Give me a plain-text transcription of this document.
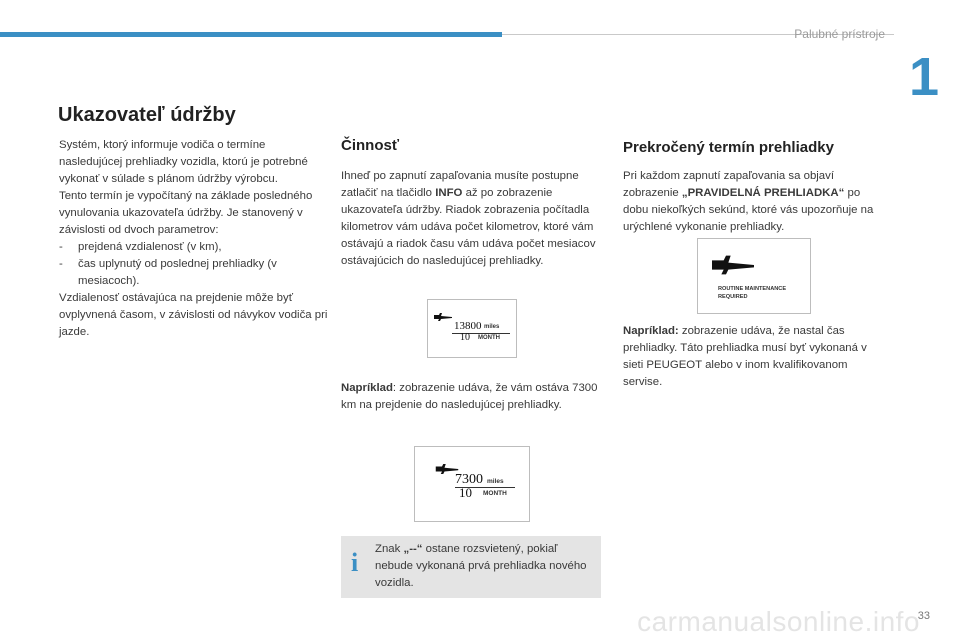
Palubné prístroje
1
Ukazovateľ údržby

Systém, ktorý informuje vodiča o termíne nasledujúcej prehliadky vozidla, ktorú je potrebné vykonať v súlade s plánom údržby výrobcu.

Tento termín je vypočítaný na základe posledného vynulovania ukazovateľa údržby. Je stanovený v závislosti od dvoch parametrov:

- prejdená vzdialenosť (v km),
- čas uplynutý od poslednej prehliadky (v mesiacoch).

Vzdialenosť ostávajúca na prejdenie môže byť ovplyvnená časom, v závislosti od návykov vodiča pri jazde.

Činnosť

Ihneď po zapnutí zapaľovania musíte postupne zatlačiť na tlačidlo INFO až po zobrazenie ukazovateľa údržby. Riadok zobrazenia počítadla kilometrov vám udáva počet kilometrov, ktoré vám ostávajú a riadok času vám udáva počet mesiacov ostávajúcich do nasledujúcej prehliadky.

13800 miles
10 MONTH

Napríklad: zobrazenie udáva, že vám ostáva 7300 km na prejdenie do nasledujúcej prehliadky.

7300 miles
10 MONTH
i Znak „--“ ostane rozsvietený, pokiaľ nebude vykonaná prvá prehliadka nového vozidla.

Prekročený termín prehliadky

Pri každom zapnutí zapaľovania sa objaví zobrazenie „PRAVIDELNÁ PREHLIADKA“ po dobu niekoľkých sekúnd, ktoré vás upozorňuje na urýchlené vykonanie prehliadky.

ROUTINE MAINTENANCE
REQUIRED

Napríklad: zobrazenie udáva, že nastal čas prehliadky. Táto prehliadka musí byť vykonaná v sieti PEUGEOT alebo v inom kvalifikovanom servise.

33
carmanualsonline.info
